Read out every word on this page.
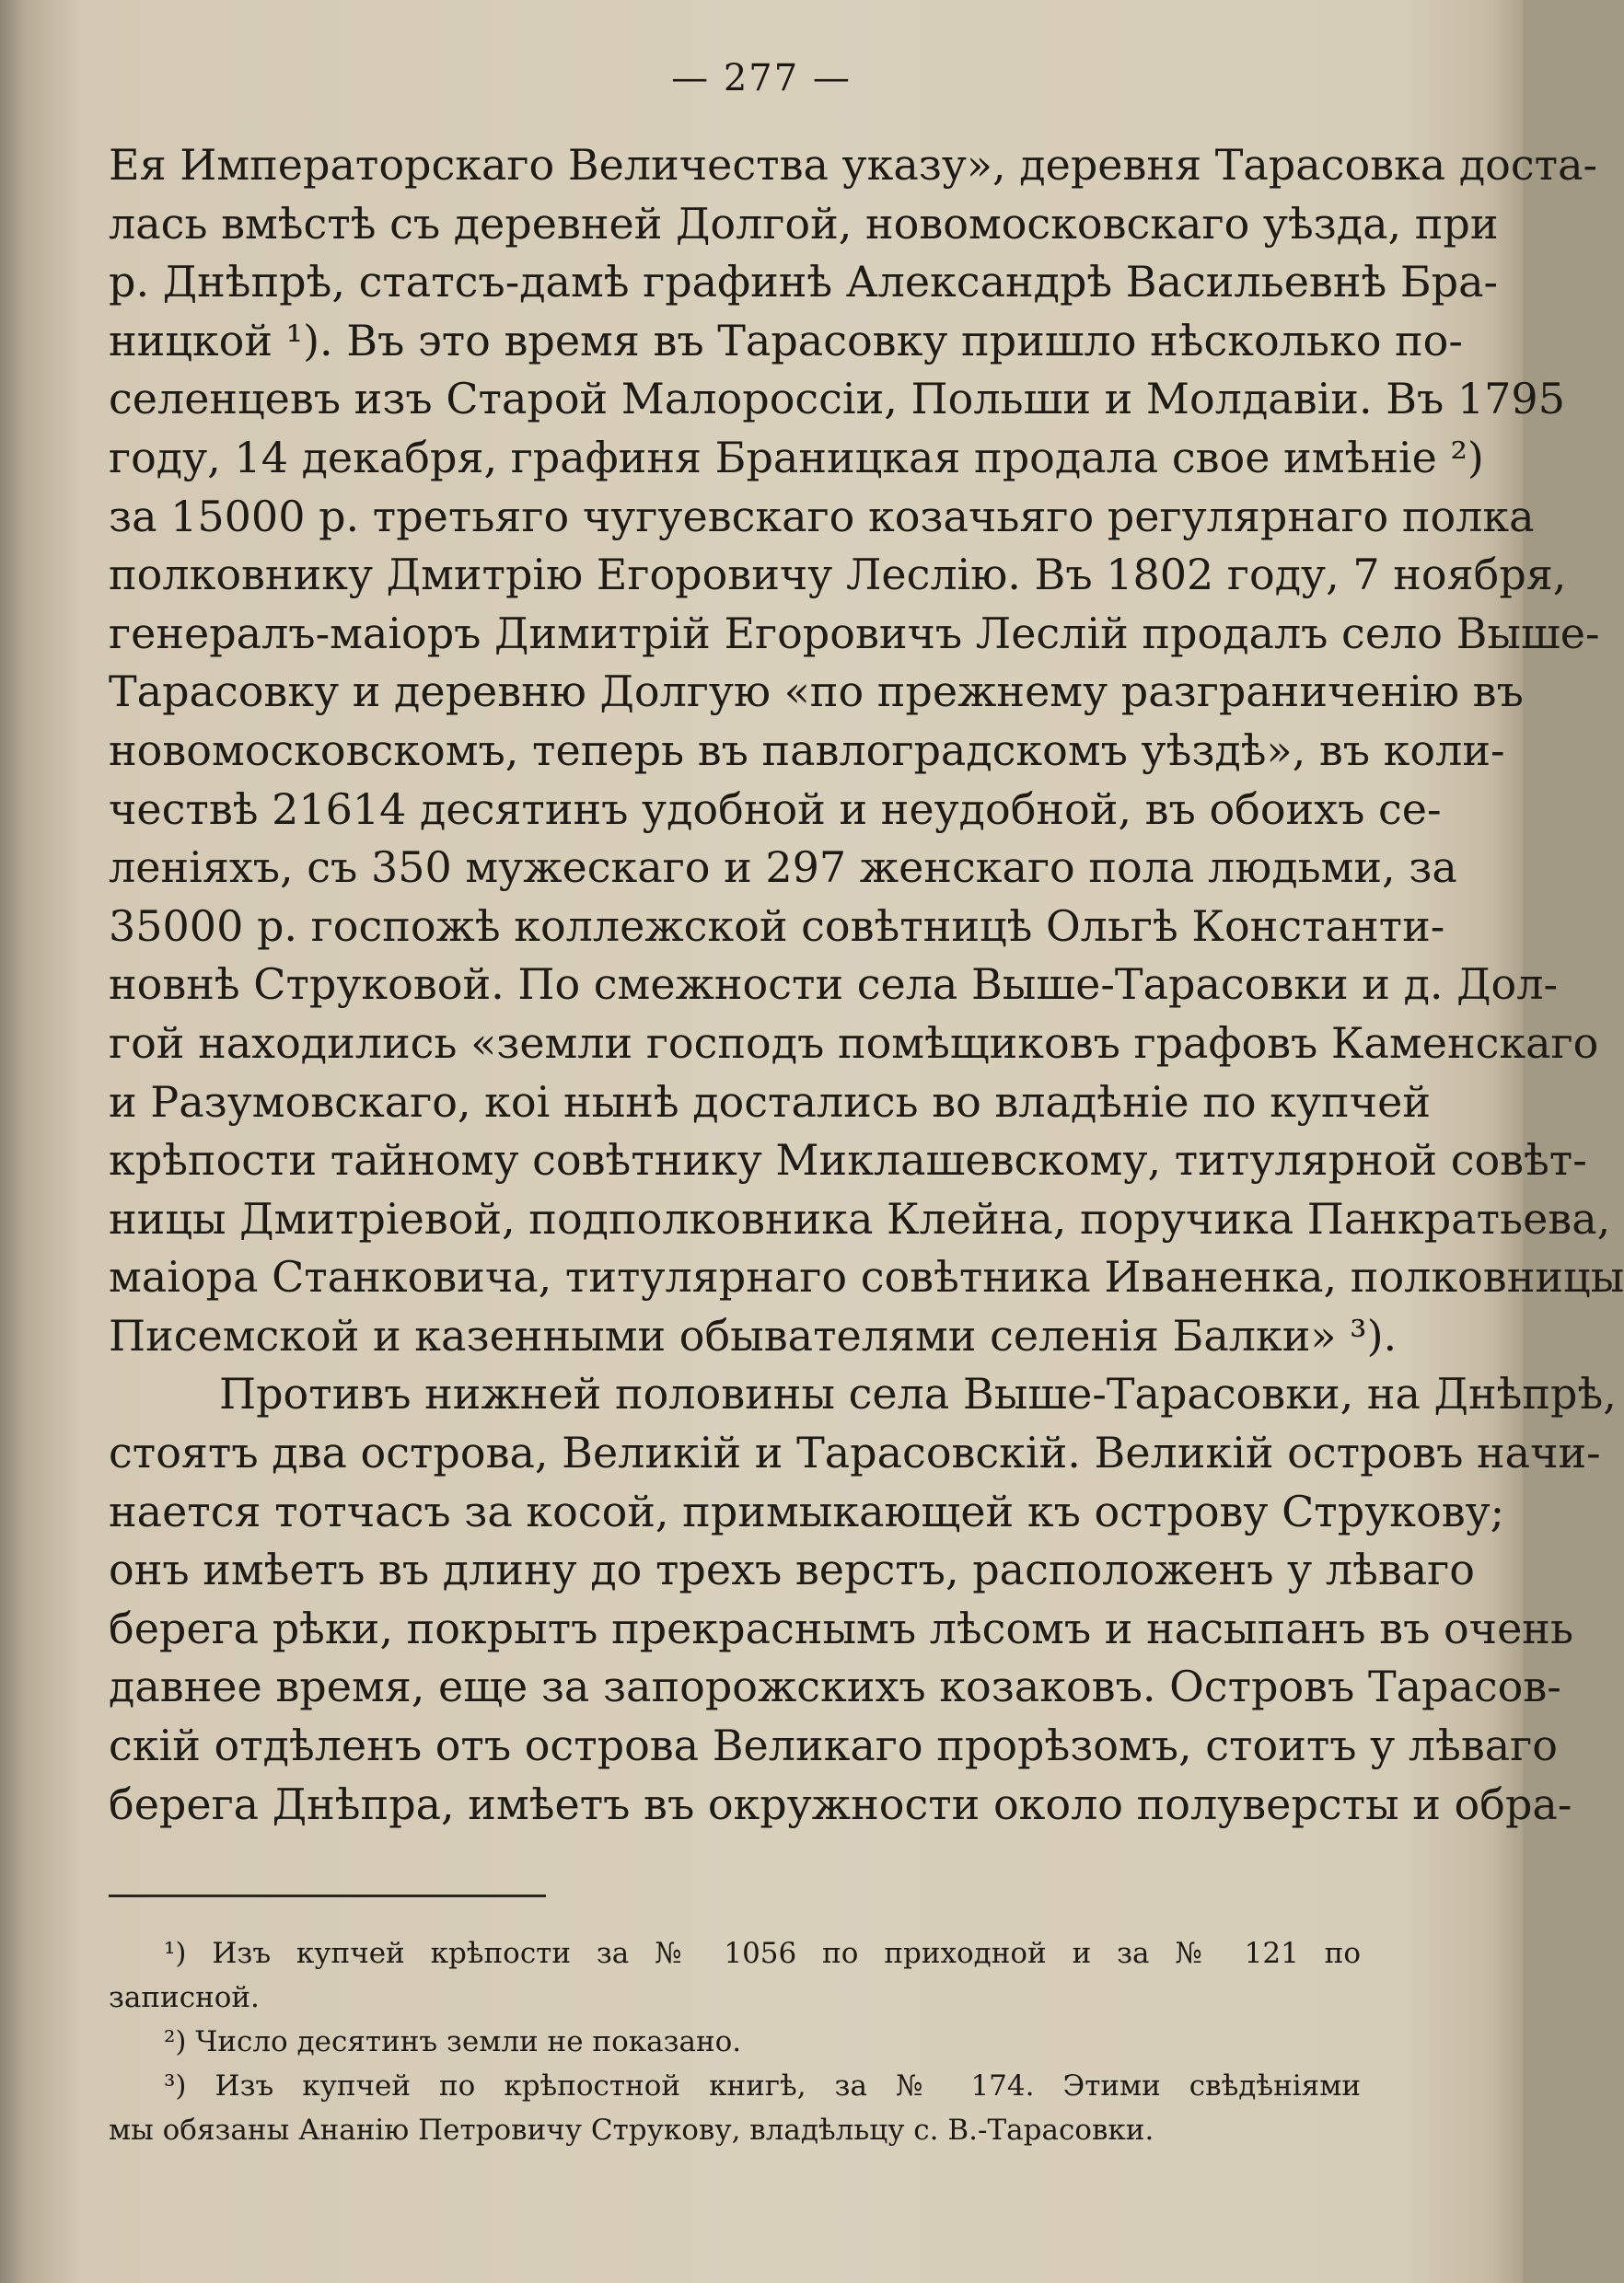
— 277 —
Ея Императорскаго Величества указу», деревня Тарасовка доста-
лась вмѣстѣ съ деревней Долгой, новомосковскаго уѣзда, при
р. Днѣпрѣ, статсъ-дамѣ графинѣ Александрѣ Васильевнѣ Бра-
ницкой ¹). Въ это время въ Тарасовку пришло нѣсколько по-
селенцевъ изъ Старой Малороссіи, Польши и Молдавіи. Въ 1795
году, 14 декабря, графиня Браницкая продала свое имѣніе ²)
за 15000 р. третьяго чугуевскаго козачьяго регулярнаго полка
полковнику Дмитрію Егоровичу Леслію. Въ 1802 году, 7 ноября,
генералъ-маіоръ Димитрій Егоровичъ Леслій продалъ село Выше-
Тарасовку и деревню Долгую «по прежнему разграниченію въ
новомосковскомъ, теперь въ павлоградскомъ уѣздѣ», въ коли-
чествѣ 21614 десятинъ удобной и неудобной, въ обоихъ се-
леніяхъ, съ 350 мужескаго и 297 женскаго пола людьми, за
35000 р. госпожѣ коллежской совѣтницѣ Ольгѣ Константи-
новнѣ Струковой. По смежности села Выше-Тарасовки и д. Дол-
гой находились «земли господъ помѣщиковъ графовъ Каменскаго
и Разумовскаго, коі нынѣ достались во владѣніе по купчей
крѣпости тайному совѣтнику Миклашевскому, титулярной совѣт-
ницы Дмитріевой, подполковника Клейна, поручика Панкратьева,
маіора Станковича, титулярнаго совѣтника Иваненка, полковницы
Писемской и казенными обывателями селенія Балки» ³).
Противъ нижней половины села Выше-Тарасовки, на Днѣпрѣ,
стоятъ два острова, Великій и Тарасовскій. Великій островъ начи-
нается тотчасъ за косой, примыкающей къ острову Струкову;
онъ имѣетъ въ длину до трехъ верстъ, расположенъ у лѣваго
берега рѣки, покрытъ прекраснымъ лѣсомъ и насыпанъ въ очень
давнее время, еще за запорожскихъ козаковъ. Островъ Тарасов-
скій отдѣленъ отъ острова Великаго прорѣзомъ, стоитъ у лѣваго
берега Днѣпра, имѣетъ въ окружности около полуверсты и обра-
¹) Изъ купчей крѣпости за № 1056 по приходной и за № 121 по
записной.
²) Число десятинъ земли не показано.
³) Изъ купчей по крѣпостной книгѣ, за № 174. Этими свѣдѣніями
мы обязаны Ананію Петровичу Струкову, владѣльцу с. В.-Тарасовки.
